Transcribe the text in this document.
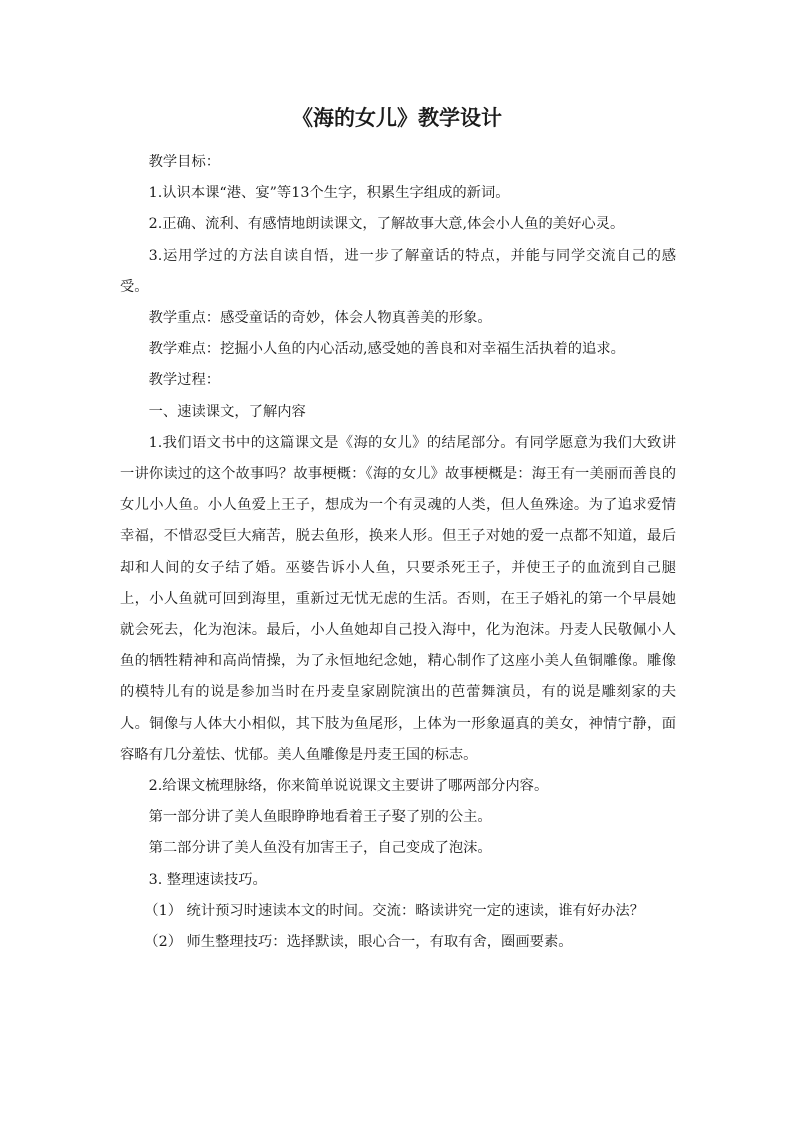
《海的女儿》教学设计

教学目标：

1.认识本课“港、宴”等13个生字，积累生字组成的新词。

2.正确、流利、有感情地朗读课文，了解故事大意,体会小人鱼的美好心灵。

3.运用学过的方法自读自悟，进一步了解童话的特点，并能与同学交流自己的感受。

教学重点：感受童话的奇妙，体会人物真善美的形象。

教学难点：挖掘小人鱼的内心活动,感受她的善良和对幸福生活执着的追求。

教学过程：

一、速读课文，了解内容

1.我们语文书中的这篇课文是《海的女儿》的结尾部分。有同学愿意为我们大致讲一讲你读过的这个故事吗？故事梗概：《海的女儿》故事梗概是：海王有一美丽而善良的女儿小人鱼。小人鱼爱上王子，想成为一个有灵魂的人类，但人鱼殊途。为了追求爱情幸福，不惜忍受巨大痛苦，脱去鱼形，换来人形。但王子对她的爱一点都不知道，最后却和人间的女子结了婚。巫婆告诉小人鱼，只要杀死王子，并使王子的血流到自己腿上，小人鱼就可回到海里，重新过无忧无虑的生活。否则，在王子婚礼的第一个早晨她就会死去，化为泡沫。最后，小人鱼她却自己投入海中，化为泡沫。丹麦人民敬佩小人鱼的牺牲精神和高尚情操，为了永恒地纪念她，精心制作了这座小美人鱼铜雕像。雕像的模特儿有的说是参加当时在丹麦皇家剧院演出的芭蕾舞演员，有的说是雕刻家的夫人。铜像与人体大小相似，其下肢为鱼尾形，上体为一形象逼真的美女，神情宁静，面容略有几分羞怯、忧郁。美人鱼雕像是丹麦王国的标志。

2.给课文梳理脉络，你来简单说说课文主要讲了哪两部分内容。

第一部分讲了美人鱼眼睁睁地看着王子娶了别的公主。

第二部分讲了美人鱼没有加害王子，自己变成了泡沫。

3. 整理速读技巧。

（1） 统计预习时速读本文的时间。交流：略读讲究一定的速读，谁有好办法？

（2） 师生整理技巧：选择默读，眼心合一，有取有舍，圈画要素。
